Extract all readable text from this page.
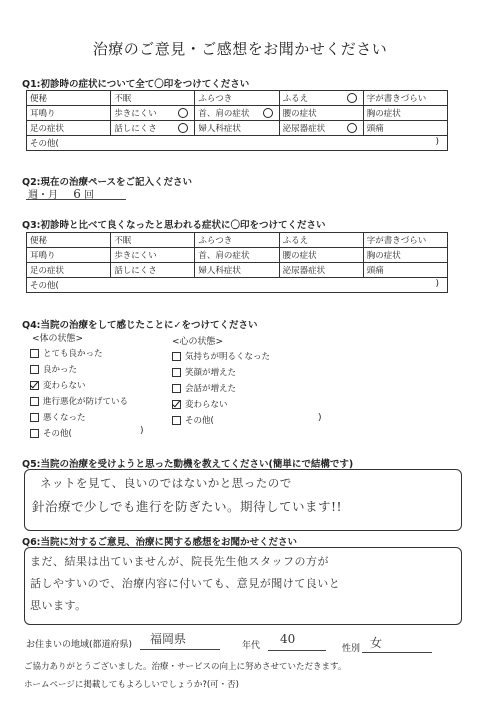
治療のご意見・ご感想をお聞かせください
Q1:初診時の症状について全て〇印をつけてください
便秘	不眠	ふらつき	ふるえ	字が書きづらい
耳鳴り	歩きにくい	首、肩の症状	腰の症状	胸の症状
足の症状	話しにくさ	婦人科症状	泌尿器症状	頭痛
その他( )				
Q2:現在の治療ペースをご記入ください
週・月 6 回
Q3:初診時と比べて良くなったと思われる症状に〇印をつけてください
便秘	不眠	ふらつき	ふるえ	字が書きづらい
耳鳴り	歩きにくい	首、肩の症状	腰の症状	胸の症状
足の症状	話しにくさ	婦人科症状	泌尿器症状	頭痛
その他( )				
Q4:当院の治療をして感じたことに✓をつけてください
<体の状態>	<心の状態>
とても良かった
良かった
変わらない
進行悪化が防げている
悪くなった
その他(	)
気持ちが明るくなった
笑顔が増えた
会話が増えた
変わらない
その他(	)
Q5:当院の治療を受けようと思った動機を教えてください(簡単にで結構です)
ネットを見て、良いのではないかと思ったので
針治療で少しでも進行を防ぎたい。期待しています!!
Q6:当院に対するご意見、治療に関する感想をお聞かせください
まだ、結果は出ていませんが、院長先生他スタッフの方が
話しやすいので、治療内容に付いても、意見が聞けて良いと
思います。
お住まいの地域(都道府県) 福岡県	年代 40
性別 女
ご協力ありがとうございました。治療・サービスの向上に努めさせていただきます。
ホームページに掲載してもよろしいでしょうか?(可・否)
